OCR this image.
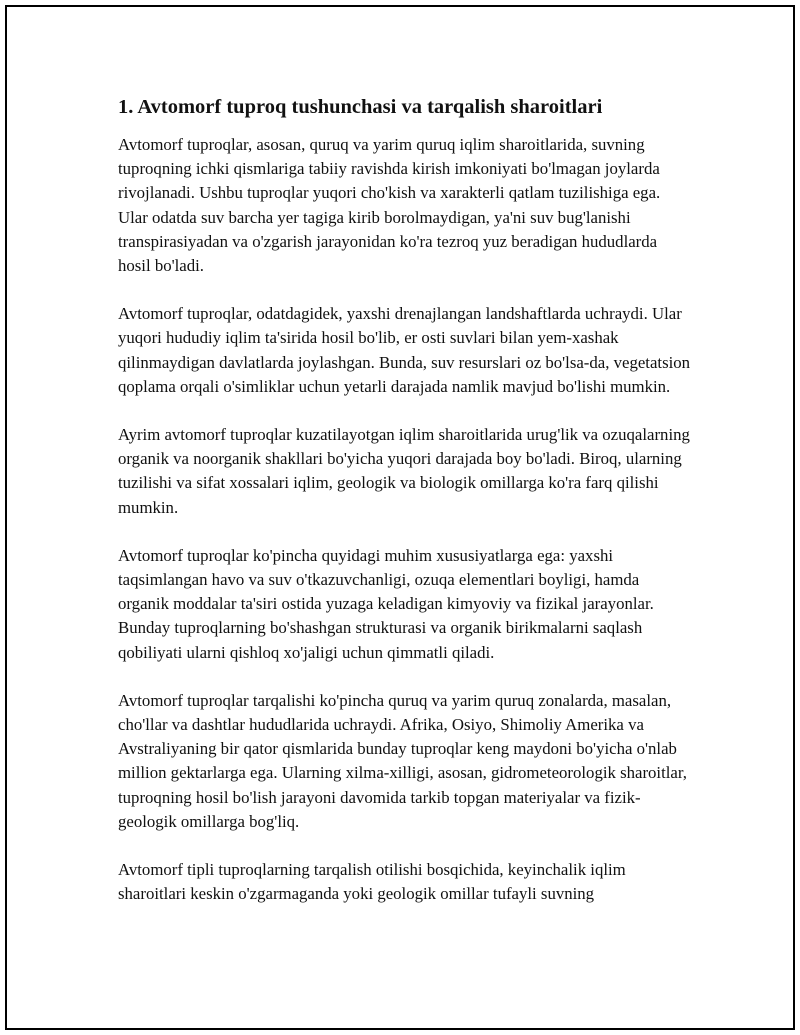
1. Avtomorf tuproq tushunchasi va tarqalish sharoitlari

Avtomorf tuproqlar, asosan, quruq va yarim quruq iqlim sharoitlarida, suvning tuproqning ichki qismlariga tabiiy ravishda kirish imkoniyati bo'lmagan joylarda rivojlanadi. Ushbu tuproqlar yuqori cho'kish va xarakterli qatlam tuzilishiga ega. Ular odatda suv barcha yer tagiga kirib borolmaydigan, ya'ni suv bug'lanishi transpirasiyadan va o'zgarish jarayonidan ko'ra tezroq yuz beradigan hududlarda hosil bo'ladi.

Avtomorf tuproqlar, odatdagidek, yaxshi drenajlangan landshaftlarda uchraydi. Ular yuqori hududiy iqlim ta'sirida hosil bo'lib, er osti suvlari bilan yem-xashak qilinmaydigan davlatlarda joylashgan. Bunda, suv resurslari oz bo'lsa-da, vegetatsion qoplama orqali o'simliklar uchun yetarli darajada namlik mavjud bo'lishi mumkin.

Ayrim avtomorf tuproqlar kuzatilayotgan iqlim sharoitlarida urug'lik va ozuqalarning organik va noorganik shakllari bo'yicha yuqori darajada boy bo'ladi. Biroq, ularning tuzilishi va sifat xossalari iqlim, geologik va biologik omillarga ko'ra farq qilishi mumkin.

Avtomorf tuproqlar ko'pincha quyidagi muhim xususiyatlarga ega: yaxshi taqsimlangan havo va suv o'tkazuvchanligi, ozuqa elementlari boyligi, hamda organik moddalar ta'siri ostida yuzaga keladigan kimyoviy va fizikal jarayonlar. Bunday tuproqlarning bo'shashgan strukturasi va organik birikmalarni saqlash qobiliyati ularni qishloq xo'jaligi uchun qimmatli qiladi.

Avtomorf tuproqlar tarqalishi ko'pincha quruq va yarim quruq zonalarda, masalan, cho'llar va dashtlar hududlarida uchraydi. Afrika, Osiyo, Shimoliy Amerika va Avstraliyaning bir qator qismlarida bunday tuproqlar keng maydoni bo'yicha o'nlab million gektarlarga ega. Ularning xilma-xilligi, asosan, gidrometeorologik sharoitlar, tuproqning hosil bo'lish jarayoni davomida tarkib topgan materiyalar va fizik-geologik omillarga bog'liq.

Avtomorf tipli tuproqlarning tarqalish otilishi bosqichida, keyinchalik iqlim sharoitlari keskin o'zgarmaganda yoki geologik omillar tufayli suvning
